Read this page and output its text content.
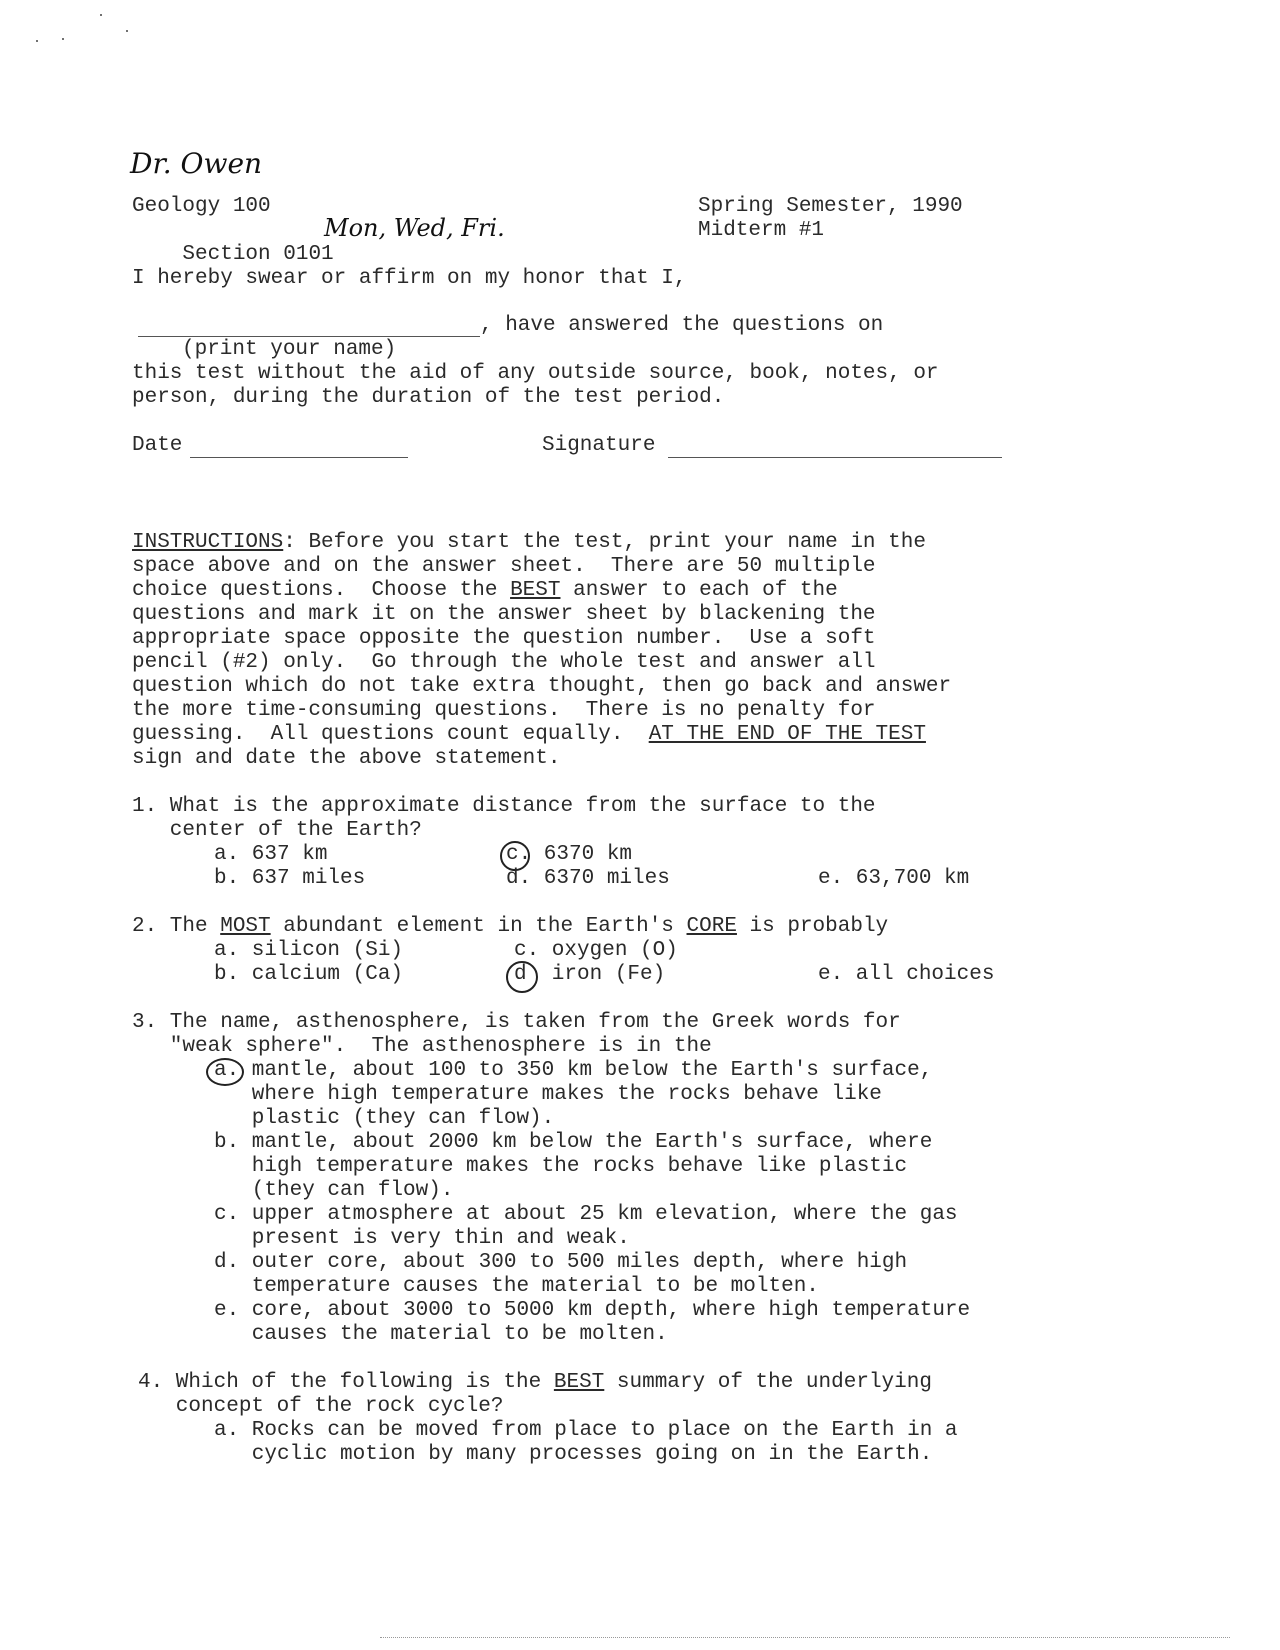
Dr. Owen
Geology 100

Section 0101

Mon, Wed, Fri.
Spring Semester, 1990
Midterm #1
I hereby swear or affirm on my honor that I,
, have answered the questions on
(print your name)
this test without the aid of any outside source, book, notes, or
person, during the duration of the test period.
Date	Signature
INSTRUCTIONS: Before you start the test, print your name in the
space above and on the answer sheet.  There are 50 multiple
choice questions.  Choose the BEST answer to each of the
questions and mark it on the answer sheet by blackening the
appropriate space opposite the question number.  Use a soft
pencil (#2) only.  Go through the whole test and answer all
question which do not take extra thought, then go back and answer
the more time-consuming questions.  There is no penalty for
guessing.  All questions count equally.  AT THE END OF THE TEST
sign and date the above statement.
1. What is the approximate distance from the surface to the
center of the Earth?
a. 637 km
b. 637 miles
c. 6370 km
d. 6370 miles	e. 63,700 km
2. The MOST abundant element in the Earth's CORE is probably
a. silicon (Si)
b. calcium (Ca)
c. oxygen (O)
d  iron (Fe)	e. all choices
3. The name, asthenosphere, is taken from the Greek words for
"weak sphere".  The asthenosphere is in the
a. mantle, about 100 to 350 km below the Earth's surface,
where high temperature makes the rocks behave like
plastic (they can flow).
b. mantle, about 2000 km below the Earth's surface, where
high temperature makes the rocks behave like plastic
(they can flow).
c. upper atmosphere at about 25 km elevation, where the gas
present is very thin and weak.
d. outer core, about 300 to 500 miles depth, where high
temperature causes the material to be molten.
e. core, about 3000 to 5000 km depth, where high temperature
causes the material to be molten.
4. Which of the following is the BEST summary of the underlying
concept of the rock cycle?
a. Rocks can be moved from place to place on the Earth in a
cyclic motion by many processes going on in the Earth.
